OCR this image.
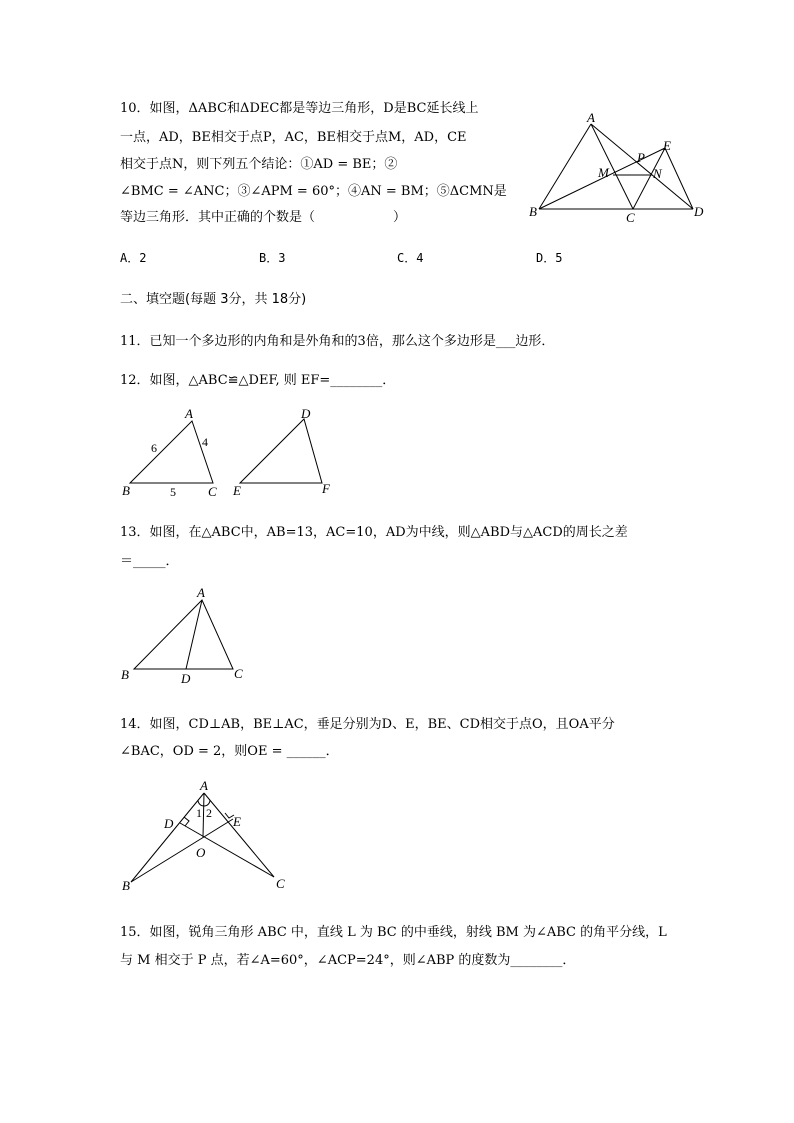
10．如图，ΔABC和ΔDEC都是等边三角形，D是BC延长线上
一点，AD，BE相交于点P，AC，BE相交于点M，AD，CE
相交于点N，则下列五个结论：①AD = BE；②
∠BMC = ∠ANC；③∠APM = 60°；④AN = BM；⑤ΔCMN是
等边三角形．其中正确的个数是（　　　　　　）
A
E
P
M	N
B	C	D
A．2	B．3	C．4	D．5
二、填空题(每题 3分，共 18分)
11．已知一个多边形的内角和是外角和的3倍，那么这个多边形是___边形．
12．如图，△ABC≌△DEF, 则 EF=________．
A
B	C
D
E	F
6	4
5
13．如图，在△ABC中，AB=13，AC=10，AD为中线，则△ABD与△ACD的周长之差
＝_____．
A
B	D	C
14．如图，CD⊥AB，BE⊥AC，垂足分别为D、E，BE、CD相交于点O，且OA平分
∠BAC，OD = 2，则OE = ______．
A
D	E
O
B	C
1 2
15．如图，锐角三角形 ABC 中，直线 L 为 BC 的中垂线，射线 BM 为∠ABC 的角平分线，L
与 M 相交于 P 点，若∠A=60°，∠ACP=24°，则∠ABP 的度数为________．
